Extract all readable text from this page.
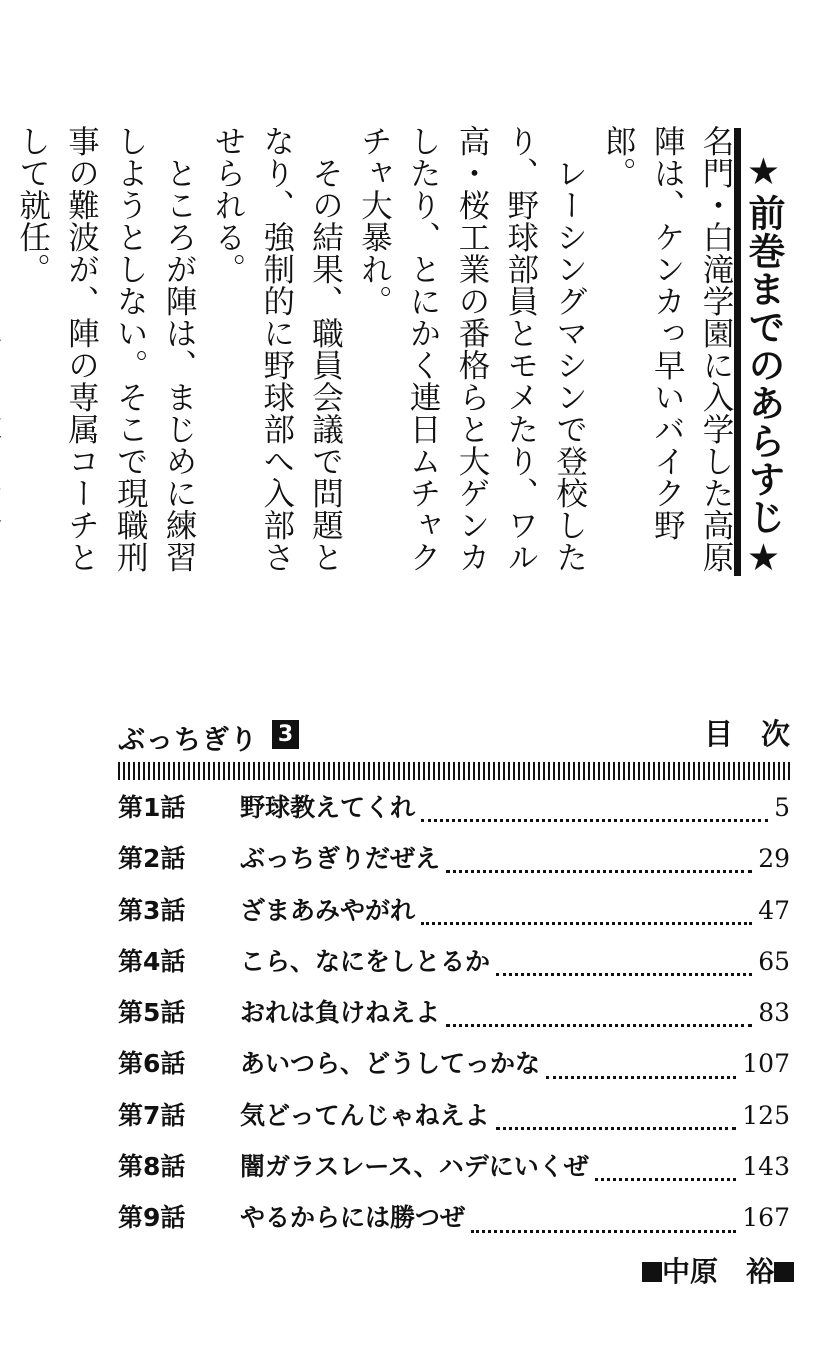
★前巻までのあらすじ★

名門・白滝学園に入学した高原陣は、ケンカっ早いバイク野郎。

レーシングマシンで登校したり、野球部員とモメたり、ワル高・桜工業の番格らと大ゲンカしたり、とにかく連日ムチャクチャ大暴れ。

その結果、職員会議で問題となり、強制的に野球部へ入部させられる。

ところが陣は、まじめに練習しようとしない。そこで現職刑事の難波が、陣の専属コーチとして就任。

ぶっちぎり 3	目次
第1話	野球教えてくれ	5
第2話	ぶっちぎりだぜえ	29
第3話	ざまあみやがれ	47
第4話	こら、なにをしとるか	65
第5話	おれは負けねえよ	83
第6話	あいつら、どうしてっかな	107
第7話	気どってんじゃねえよ	125
第8話	闇ガラスレース、ハデにいくぜ	143
第9話	やるからには勝つぜ	167
中原　裕
